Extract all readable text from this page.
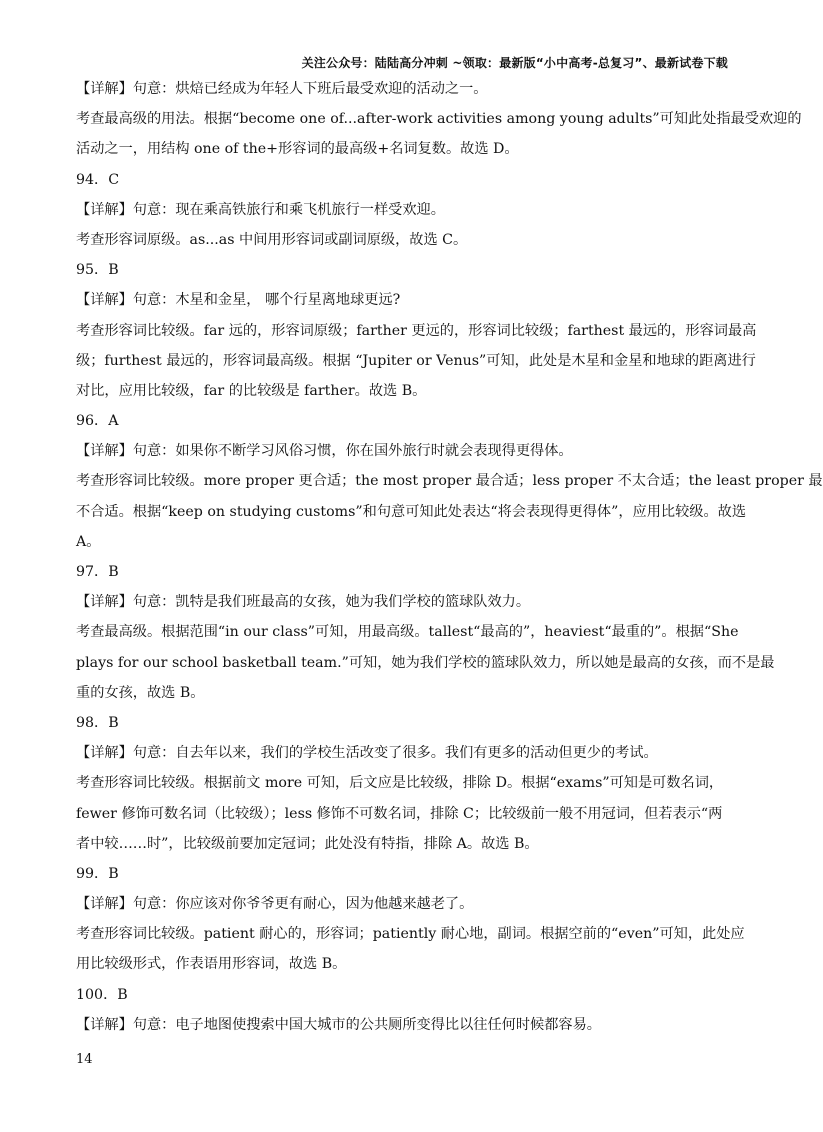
关注公众号：陆陆高分冲刺 ~领取：最新版“小中高考-总复习”、最新试卷下载
【详解】句意：烘焙已经成为年轻人下班后最受欢迎的活动之一。
考查最高级的用法。根据“become one of...after-work activities among young adults”可知此处指最受欢迎的
活动之一，用结构 one of the+形容词的最高级+名词复数。故选 D。
94．C
【详解】句意：现在乘高铁旅行和乘飞机旅行一样受欢迎。
考查形容词原级。as...as 中间用形容词或副词原级，故选 C。
95．B
【详解】句意：木星和金星， 哪个行星离地球更远?
考查形容词比较级。far 远的，形容词原级；farther 更远的，形容词比较级；farthest 最远的，形容词最高
级；furthest 最远的，形容词最高级。根据 “Jupiter or Venus”可知，此处是木星和金星和地球的距离进行
对比，应用比较级，far 的比较级是 farther。故选 B。
96．A
【详解】句意：如果你不断学习风俗习惯，你在国外旅行时就会表现得更得体。
考查形容词比较级。more proper 更合适；the most proper 最合适；less proper 不太合适；the least proper 最
不合适。根据“keep on studying customs”和句意可知此处表达“将会表现得更得体”，应用比较级。故选
A。
97．B
【详解】句意：凯特是我们班最高的女孩，她为我们学校的篮球队效力。
考查最高级。根据范围“in our class”可知，用最高级。tallest“最高的”，heaviest“最重的”。根据“She
plays for our school basketball team.”可知，她为我们学校的篮球队效力，所以她是最高的女孩，而不是最
重的女孩，故选 B。
98．B
【详解】句意：自去年以来，我们的学校生活改变了很多。我们有更多的活动但更少的考试。
考查形容词比较级。根据前文 more 可知，后文应是比较级，排除 D。根据“exams”可知是可数名词，
fewer 修饰可数名词（比较级）；less 修饰不可数名词，排除 C；比较级前一般不用冠词，但若表示“两
者中较……时”，比较级前要加定冠词；此处没有特指，排除 A。故选 B。
99．B
【详解】句意：你应该对你爷爷更有耐心，因为他越来越老了。
考查形容词比较级。patient 耐心的，形容词；patiently 耐心地，副词。根据空前的“even”可知，此处应
用比较级形式，作表语用形容词，故选 B。
100．B
【详解】句意：电子地图使搜索中国大城市的公共厕所变得比以往任何时候都容易。
14
